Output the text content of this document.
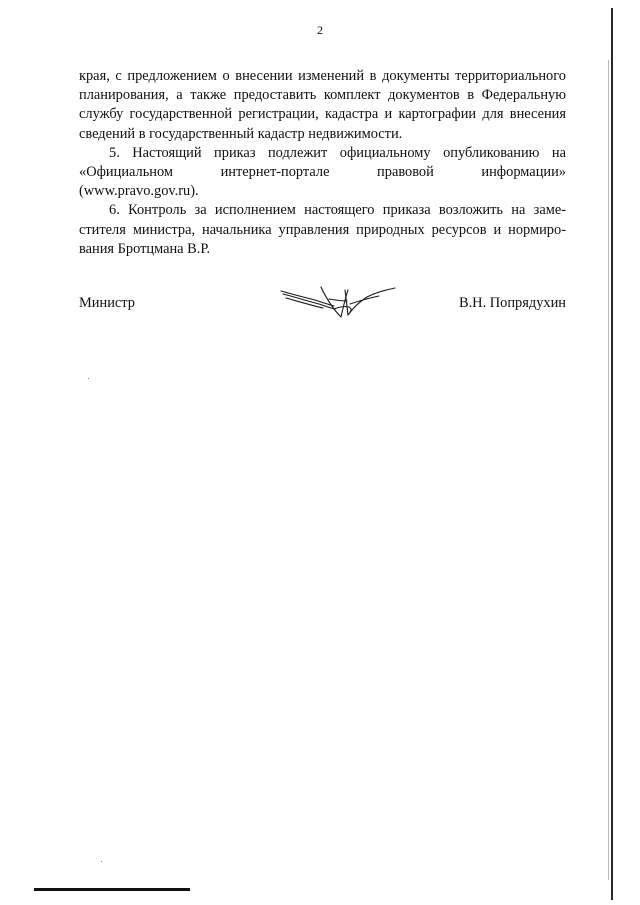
2

края, с предложением о внесении изменений в документы территориального
планирования, а также предоставить комплект документов в Федеральную
службу государственной регистрации, кадастра и картографии для внесения
сведений в государственный кадастр недвижимости.

5. Настоящий приказ подлежит официальному опубликованию на
«Официальном интернет-портале правовой информации»
(www.pravo.gov.ru).

6. Контроль за исполнением настоящего приказа возложить на заме-
стителя министра, начальника управления природных ресурсов и нормиро-
вания Бротцмана В.Р.

Министр	В.Н. Попрядухин
